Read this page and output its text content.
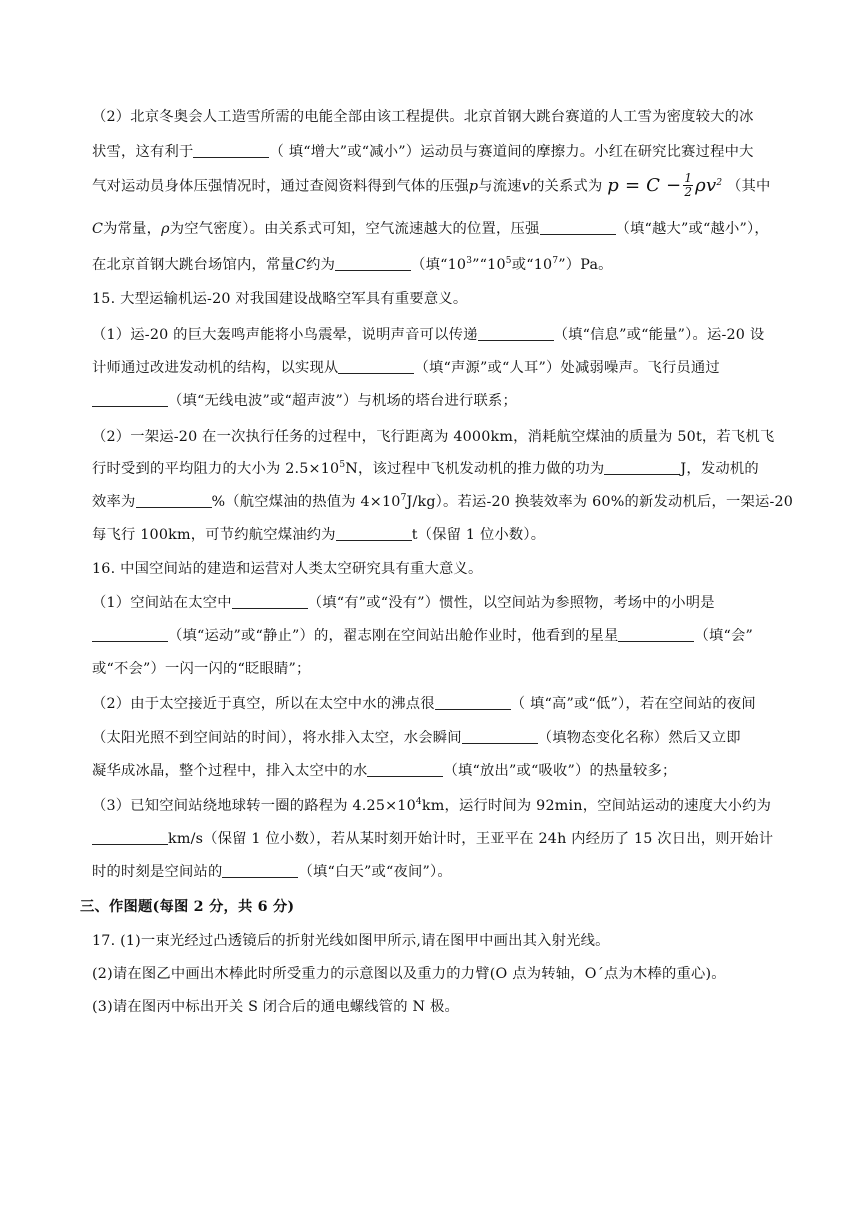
（2）北京冬奥会人工造雪所需的电能全部由该工程提供。北京首钢大跳台赛道的人工雪为密度较大的冰
状雪，这有利于	（ 填“增大”或“减小”）运动员与赛道间的摩擦力。小红在研究比赛过程中大
气对运动员身体压强情况时，通过查阅资料得到气体的压强p与流速v的关系式为 $p = C - \frac{1}{2} \rho v^2$ （其中
C为常量，ρ为空气密度）。由关系式可知，空气流速越大的位置，压强	（填“越大”或“越小”），
在北京首钢大跳台场馆内，常量C约为	（填“$10^3”“10^5$或“$10^7”)Pa$。
15. 大型运输机运-20 对我国建设战略空军具有重要意义。
（1）运-20 的巨大轰鸣声能将小鸟震晕，说明声音可以传递	（填“信息”或“能量”）。运-20 设
计师通过改进发动机的结构，以实现从	（填“声源”或“人耳”）处减弱噪声。飞行员通过
（填“无线电波”或“超声波”）与机场的塔台进行联系；
（2）一架运-20 在一次执行任务的过程中，飞行距离为 4000km，消耗航空煤油的质量为 50t，若飞机飞
行时受到的平均阻力的大小为 $2.5\times 10^5N$，该过程中飞机发动机的推力做的功为	J，发动机的
效率为	%（航空煤油的热值为 $4\times 10^7J/kg$）。若运-20 换装效率为 60%的新发动机后，一架运-20
每飞行 100km，可节约航空煤油约为	t（保留 1 位小数）。
16. 中国空间站的建造和运营对人类太空研究具有重大意义。
（1）空间站在太空中	（填“有”或“没有”）惯性，以空间站为参照物，考场中的小明是
（填“运动”或“静止”）的，翟志刚在空间站出舱作业时，他看到的星星	（填“会”
或“不会”）一闪一闪的“眨眼睛”；
（2）由于太空接近于真空，所以在太空中水的沸点很	（ 填“高”或“低”），若在空间站的夜间
（太阳光照不到空间站的时间），将水排入太空，水会瞬间	（填物态变化名称）然后又立即
凝华成冰晶，整个过程中，排入太空中的水	（填“放出”或“吸收”）的热量较多；
（3）已知空间站绕地球转一圈的路程为 $4.25\times 10^4km$，运行时间为 92min，空间站运动的速度大小约为
km/s（保留 1 位小数），若从某时刻开始计时，王亚平在 24h 内经历了 15 次日出，则开始计
时的时刻是空间站的	（填“白天”或“夜间”）。
三、作图题(每图 2 分，共 6 分)
17. (1)一束光经过凸透镜后的折射光线如图甲所示,请在图甲中画出其入射光线。
(2)请在图乙中画出木棒此时所受重力的示意图以及重力的力臂(O 点为转轴，O´点为木棒的重心)。
(3)请在图丙中标出开关 S 闭合后的通电螺线管的 N 极。
